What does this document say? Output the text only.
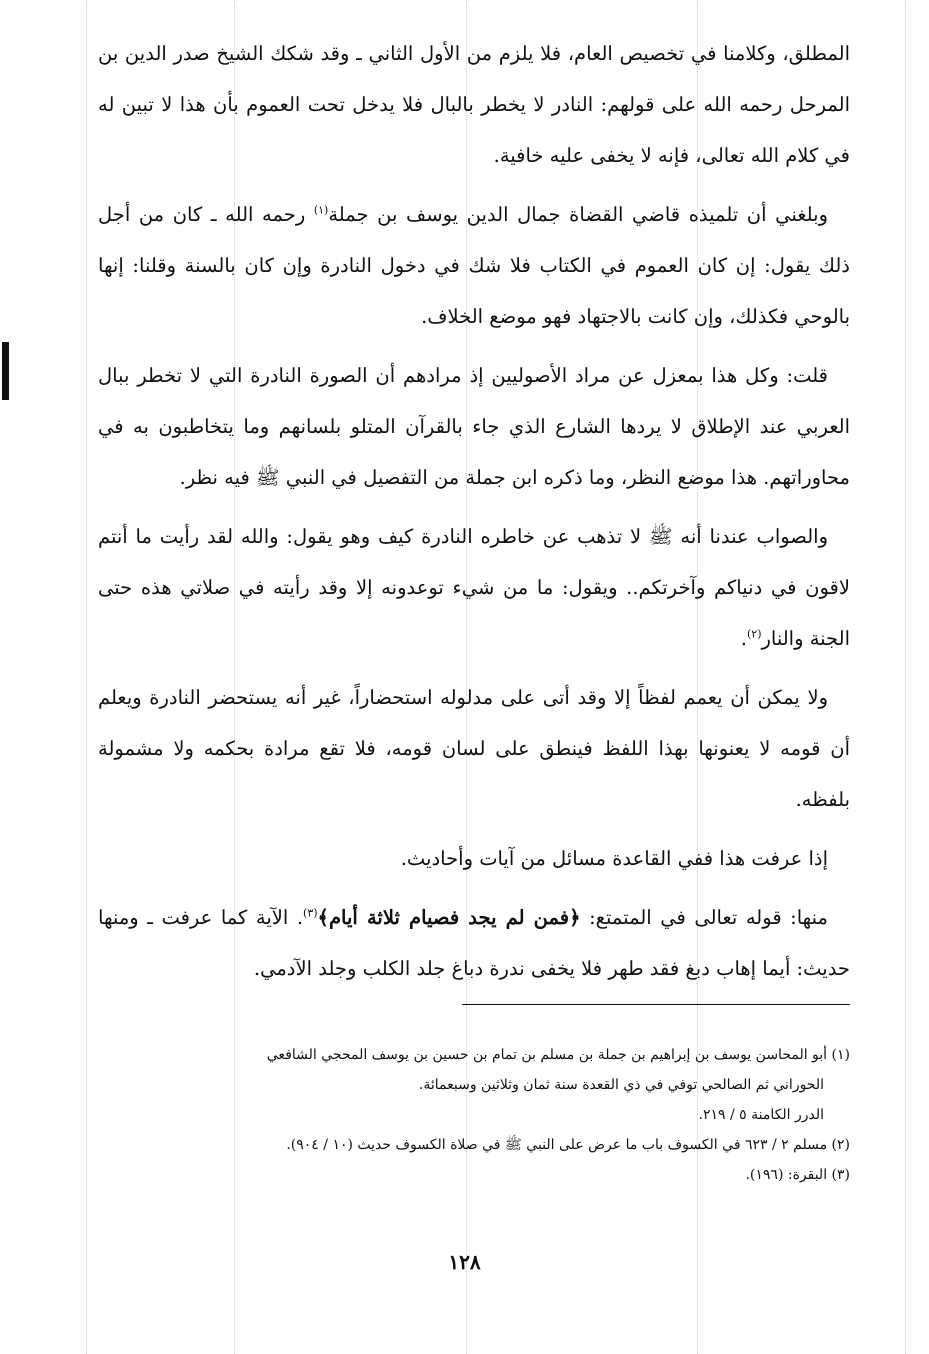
المطلق، وكلامنا في تخصيص العام، فلا يلزم من الأول الثاني ـ وقد شكك الشيخ صدر الدين بن المرحل رحمه الله على قولهم: النادر لا يخطر بالبال فلا يدخل تحت العموم بأن هذا لا تبين له في كلام الله تعالى، فإنه لا يخفى عليه خافية.

وبلغني أن تلميذه قاضي القضاة جمال الدين يوسف بن جملة$^{(١)}$ رحمه الله ـ كان من أجل ذلك يقول: إن كان العموم في الكتاب فلا شك في دخول النادرة وإن كان بالسنة وقلنا: إنها بالوحي فكذلك، وإن كانت بالاجتهاد فهو موضع الخلاف.

قلت: وكل هذا بمعزل عن مراد الأصوليين إذ مرادهم أن الصورة النادرة التي لا تخطر ببال العربي عند الإطلاق لا يردها الشارع الذي جاء بالقرآن المتلو بلسانهم وما يتخاطبون به في محاوراتهم. هذا موضع النظر، وما ذكره ابن جملة من التفصيل في النبي ﷺ فيه نظر.

والصواب عندنا أنه ﷺ لا تذهب عن خاطره النادرة كيف وهو يقول: والله لقد رأيت ما أنتم لاقون في دنياكم وآخرتكم.. ويقول: ما من شيء توعدونه إلا وقد رأيته في صلاتي هذه حتى الجنة والنار$^{(٢)}$.

ولا يمكن أن يعمم لفظاً إلا وقد أتى على مدلوله استحضاراً، غير أنه يستحضر النادرة ويعلم أن قومه لا يعنونها بهذا اللفظ فينطق على لسان قومه، فلا تقع مرادة بحكمه ولا مشمولة بلفظه.

إذا عرفت هذا ففي القاعدة مسائل من آيات وأحاديث.

منها: قوله تعالى في المتمتع: ﴿فمن لم يجد فصيام ثلاثة أيام﴾$^{(٣)}$. الآية كما عرفت ـ ومنها حديث: أيما إهاب دبغ فقد طهر فلا يخفى ندرة دباغ جلد الكلب وجلد الآدمي.

(١) أبو المحاسن يوسف بن إبراهيم بن جملة بن مسلم بن تمام بن حسين بن يوسف المحجي الشافعي
الحوراني ثم الصالحي توفي في ذي القعدة سنة ثمان وثلاثين وسبعمائة.
الدرر الكامنة ٥ / ٢١٩.
(٢) مسلم ٢ / ٦٢٣ في الكسوف باب ما عرض على النبي ﷺ في صلاة الكسوف حديث (١٠ / ٩٠٤).
(٣) البقرة: (١٩٦).
١٢٨
